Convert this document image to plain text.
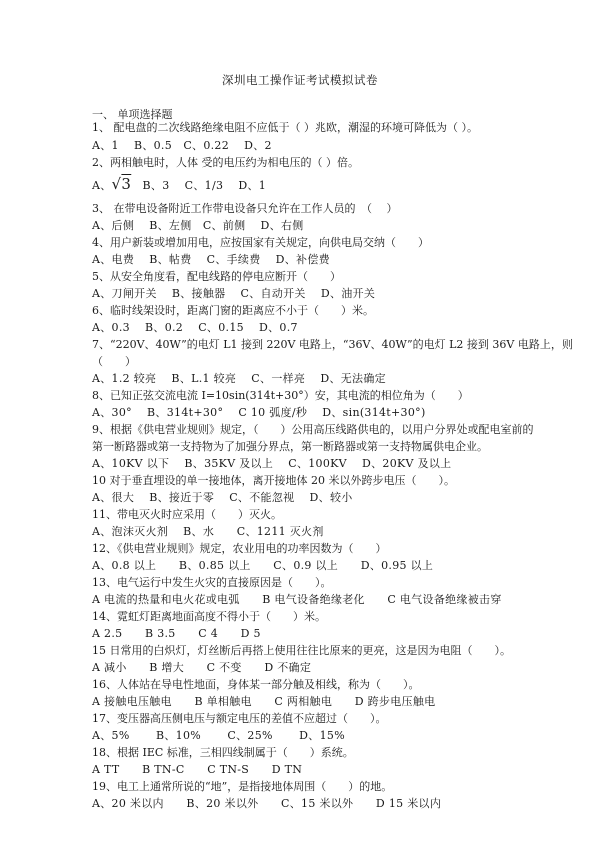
深圳电工操作证考试模拟试卷
一、 单项选择题
1、 配电盘的二次线路绝缘电阻不应低于（ ）兆欧，潮湿的环境可降低为（ ）。
A、1　 B、0.5　C、0.22　 D、2
2、两相触电时，人体 受的电压约为相电压的（ ）倍。
A、√3　B、3　 C、1/3　 D、1
3、 在带电设备附近工作带电设备只允许在工作人员的　（　 ）
A、后侧　 B、左侧　C、前侧　 D、右侧
4、用户新装或增加用电，应按国家有关规定，向供电局交纳（　　）
A、电费　 B、帖费　 C、手续费　 D、补偿费
5、从安全角度看，配电线路的停电应断开（　　）
A、刀闸开关　 B、接触器　 C、自动开关　 D、油开关
6、临时线架设时，距离门窗的距离应不小于（　　）米。
A、0.3　 B、0.2　 C、0.15　 D、0.7
7、“220V、40W”的电灯 L1 接到 220V 电路上，“36V、40W”的电灯 L2 接到 36V 电路上，则
（　　）
A、1.2 较亮　 B、L.1 较亮　 C、一样亮　 D、无法确定
8、已知正弦交流电流 I=10sin(314t+30°）安，其电流的相位角为（　　）
A、30°　 B、314t+30°　 C 10 弧度/秒　 D、sin(314t+30°)
9、根据《供电营业规则》规定，（　　）公用高压线路供电的，以用户分界处或配电室前的
第一断路器或第一支持物为了加强分界点，第一断路器或第一支持物属供电企业。
A、10KV 以下　 B、35KV 及以上　 C、100KV　 D、20KV 及以上
10 对于垂直埋设的单一接地体，离开接地体 20 米以外跨步电压（　　）。
A、很大　 B、接近于零　 C、不能忽视　 D、较小
11、带电灭火时应采用（　　）灭火。
A、泡沫灭火剂　 B、水　　C、1211 灭火剂
12、《供电营业规则》规定，农业用电的功率因数为（　　）
A、0.8 以上　　B、0.85 以上　　C、0.9 以上　　D、0.95 以上
13、电气运行中发生火灾的直接原因是（　　）。
A 电流的热量和电火花或电弧　　B 电气设备绝缘老化　　C 电气设备绝缘被击穿
14、霓虹灯距离地面高度不得小于（　　）米。
A 2.5　　B 3.5　　C 4　　D 5
15 日常用的白炽灯，灯丝断后再搭上使用往往比原来的更亮，这是因为电阻（　　）。
A 减小　　B 增大　　C 不变　　D 不确定
16、人体站在导电性地面，身体某一部分触及相线，称为（　　）。
A 接触电压触电　　B 单相触电　　C 两相触电　　D 跨步电压触电
17、变压器高压侧电压与额定电压的差值不应超过（　　）。
A、5%　　 B、10%　　 C、25%　　 D、15%
18、根据 IEC 标准，三相四线制属于（　　）系统。
A TT　　B TN-C　　C TN-S　　D TN
19、电工上通常所说的“地”，是指接地体周围（　　）的地。
A、20 米以内　　B、20 米以外　　C、15 米以外　　D 15 米以内
